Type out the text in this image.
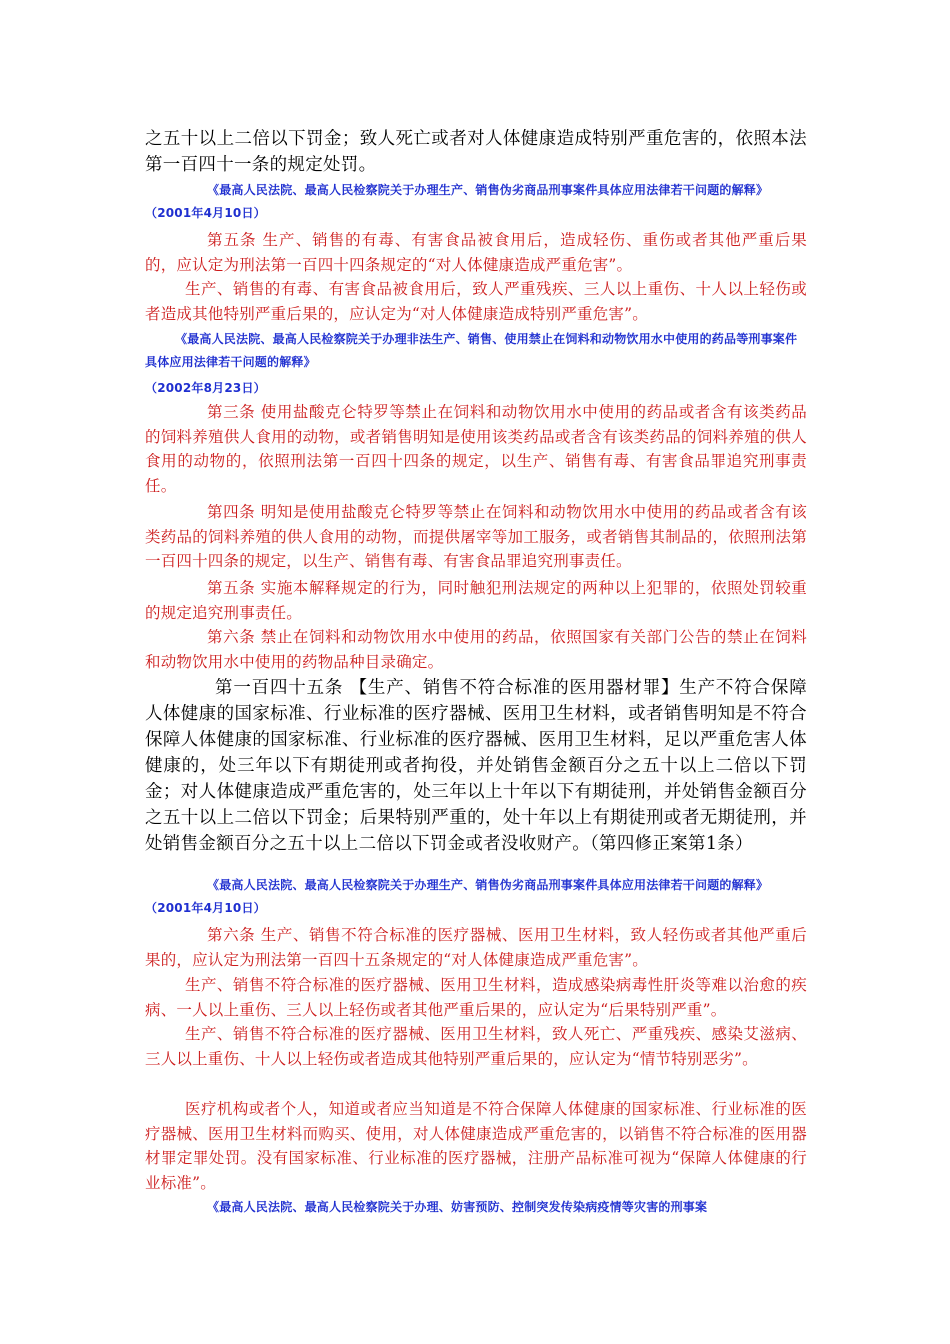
之五十以上二倍以下罚金；致人死亡或者对人体健康造成特别严重危害的，依照本法第一百四十一条的规定处罚。

《最高人民法院、最高人民检察院关于办理生产、销售伪劣商品刑事案件具体应用法律若干问题的解释》（2001年4月10日）

第五条 生产、销售的有毒、有害食品被食用后，造成轻伤、重伤或者其他严重后果的，应认定为刑法第一百四十四条规定的“对人体健康造成严重危害”。

生产、销售的有毒、有害食品被食用后，致人严重残疾、三人以上重伤、十人以上轻伤或者造成其他特别严重后果的，应认定为“对人体健康造成特别严重危害”。

《最高人民法院、最高人民检察院关于办理非法生产、销售、使用禁止在饲料和动物饮用水中使用的药品等刑事案件具体应用法律若干问题的解释》

（2002年8月23日）

第三条 使用盐酸克仑特罗等禁止在饲料和动物饮用水中使用的药品或者含有该类药品的饲料养殖供人食用的动物，或者销售明知是使用该类药品或者含有该类药品的饲料养殖的供人食用的动物的，依照刑法第一百四十四条的规定，以生产、销售有毒、有害食品罪追究刑事责任。

第四条 明知是使用盐酸克仑特罗等禁止在饲料和动物饮用水中使用的药品或者含有该类药品的饲料养殖的供人食用的动物，而提供屠宰等加工服务，或者销售其制品的，依照刑法第一百四十四条的规定，以生产、销售有毒、有害食品罪追究刑事责任。

第五条 实施本解释规定的行为，同时触犯刑法规定的两种以上犯罪的，依照处罚较重的规定追究刑事责任。

第六条 禁止在饲料和动物饮用水中使用的药品，依照国家有关部门公告的禁止在饲料和动物饮用水中使用的药物品种目录确定。

第一百四十五条 【生产、销售不符合标准的医用器材罪】生产不符合保障人体健康的国家标准、行业标准的医疗器械、医用卫生材料，或者销售明知是不符合保障人体健康的国家标准、行业标准的医疗器械、医用卫生材料，足以严重危害人体健康的，处三年以下有期徒刑或者拘役，并处销售金额百分之五十以上二倍以下罚金；对人体健康造成严重危害的，处三年以上十年以下有期徒刑，并处销售金额百分之五十以上二倍以下罚金；后果特别严重的，处十年以上有期徒刑或者无期徒刑，并处销售金额百分之五十以上二倍以下罚金或者没收财产。（第四修正案第1条）

《最高人民法院、最高人民检察院关于办理生产、销售伪劣商品刑事案件具体应用法律若干问题的解释》（2001年4月10日）

第六条 生产、销售不符合标准的医疗器械、医用卫生材料，致人轻伤或者其他严重后果的，应认定为刑法第一百四十五条规定的“对人体健康造成严重危害”。

生产、销售不符合标准的医疗器械、医用卫生材料，造成感染病毒性肝炎等难以治愈的疾病、一人以上重伤、三人以上轻伤或者其他严重后果的，应认定为“后果特别严重”。

生产、销售不符合标准的医疗器械、医用卫生材料，致人死亡、严重残疾、感染艾滋病、三人以上重伤、十人以上轻伤或者造成其他特别严重后果的，应认定为“情节特别恶劣”。

医疗机构或者个人，知道或者应当知道是不符合保障人体健康的国家标准、行业标准的医疗器械、医用卫生材料而购买、使用，对人体健康造成严重危害的，以销售不符合标准的医用器材罪定罪处罚。没有国家标准、行业标准的医疗器械，注册产品标准可视为“保障人体健康的行业标准”。

《最高人民法院、最高人民检察院关于办理、妨害预防、控制突发传染病疫情等灾害的刑事案
